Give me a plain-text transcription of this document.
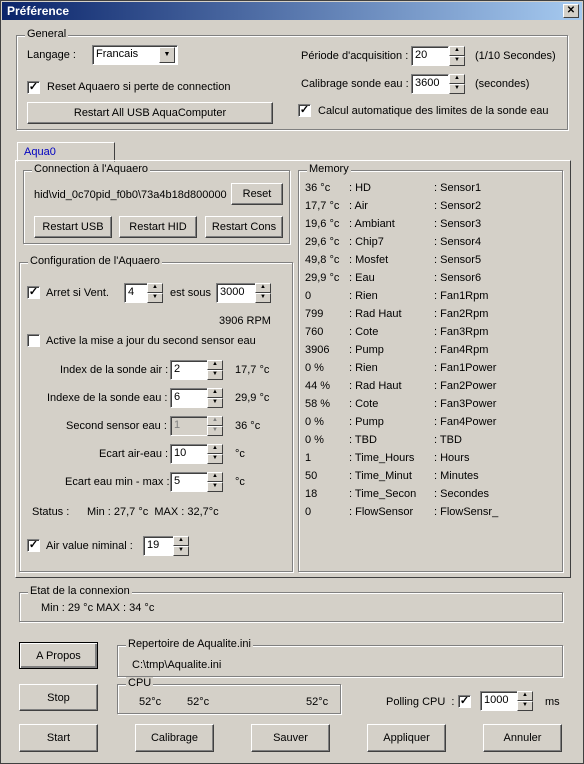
Préférence	✕
General
Langage :	Francais	▼
✓ Reset Aquaero si perte de connection
Restart All USB AquaComputer
Période d'acquisition : 20	▲
▼	(1/10 Secondes)
Calibrage sonde eau : 3600	▲
▼	(secondes)
✓ Calcul automatique des limites de la sonde eau
Aqua0
Connection à l'Aquaero
hid\vid_0c70pid_f0b0\73a4b18d800000	Reset
Restart USB	Restart HID	Restart Cons
Configuration de l'Aquaero
✓ Arret si Vent.	4	▲
▼	est sous 3000	▲
▼
3906 RPM
Active la mise a jour du second sensor eau
Index de la sonde air : 2	▲
▼	17,7 °c
Indexe de la sonde eau : 6	▲
▼	29,9 °c
Second sensor eau : 1	▲
▼	36 °c
Ecart air-eau : 10	▲
▼	°c
Ecart eau min - max : 5	▲
▼	°c
Status : Min : 27,7 °c  MAX : 32,7°c
✓ Air value niminal :	19	▲
▼
Memory
36 °c : HD	: Sensor1
17,7 °c : Air	: Sensor2
19,6 °c : Ambiant	: Sensor3
29,6 °c : Chip7	: Sensor4
49,8 °c : Mosfet	: Sensor5
29,9 °c : Eau	: Sensor6
0	: Rien	: Fan1Rpm
799 : Rad Haut	: Fan2Rpm
760 : Cote	: Fan3Rpm
3906 : Pump	: Fan4Rpm
0 % : Rien	: Fan1Power
44 % : Rad Haut	: Fan2Power
58 % : Cote	: Fan3Power
0 % : Pump	: Fan4Power
0 % : TBD	: TBD
1	: Time_Hours : Hours
50	: Time_Minut : Minutes
18	: Time_Secon : Secondes
0	: FlowSensor : FlowSensr_
Etat de la connexion
Min : 29 °c MAX : 34 °c
A Propos
Repertoire de Aqualite.ini
C:\tmp\Aqualite.ini
Stop
CPU
52°c 52°c	52°c	Polling CPU  : ✓	1000	▲
▼	ms
Start	Calibrage	Sauver	Appliquer	Annuler
